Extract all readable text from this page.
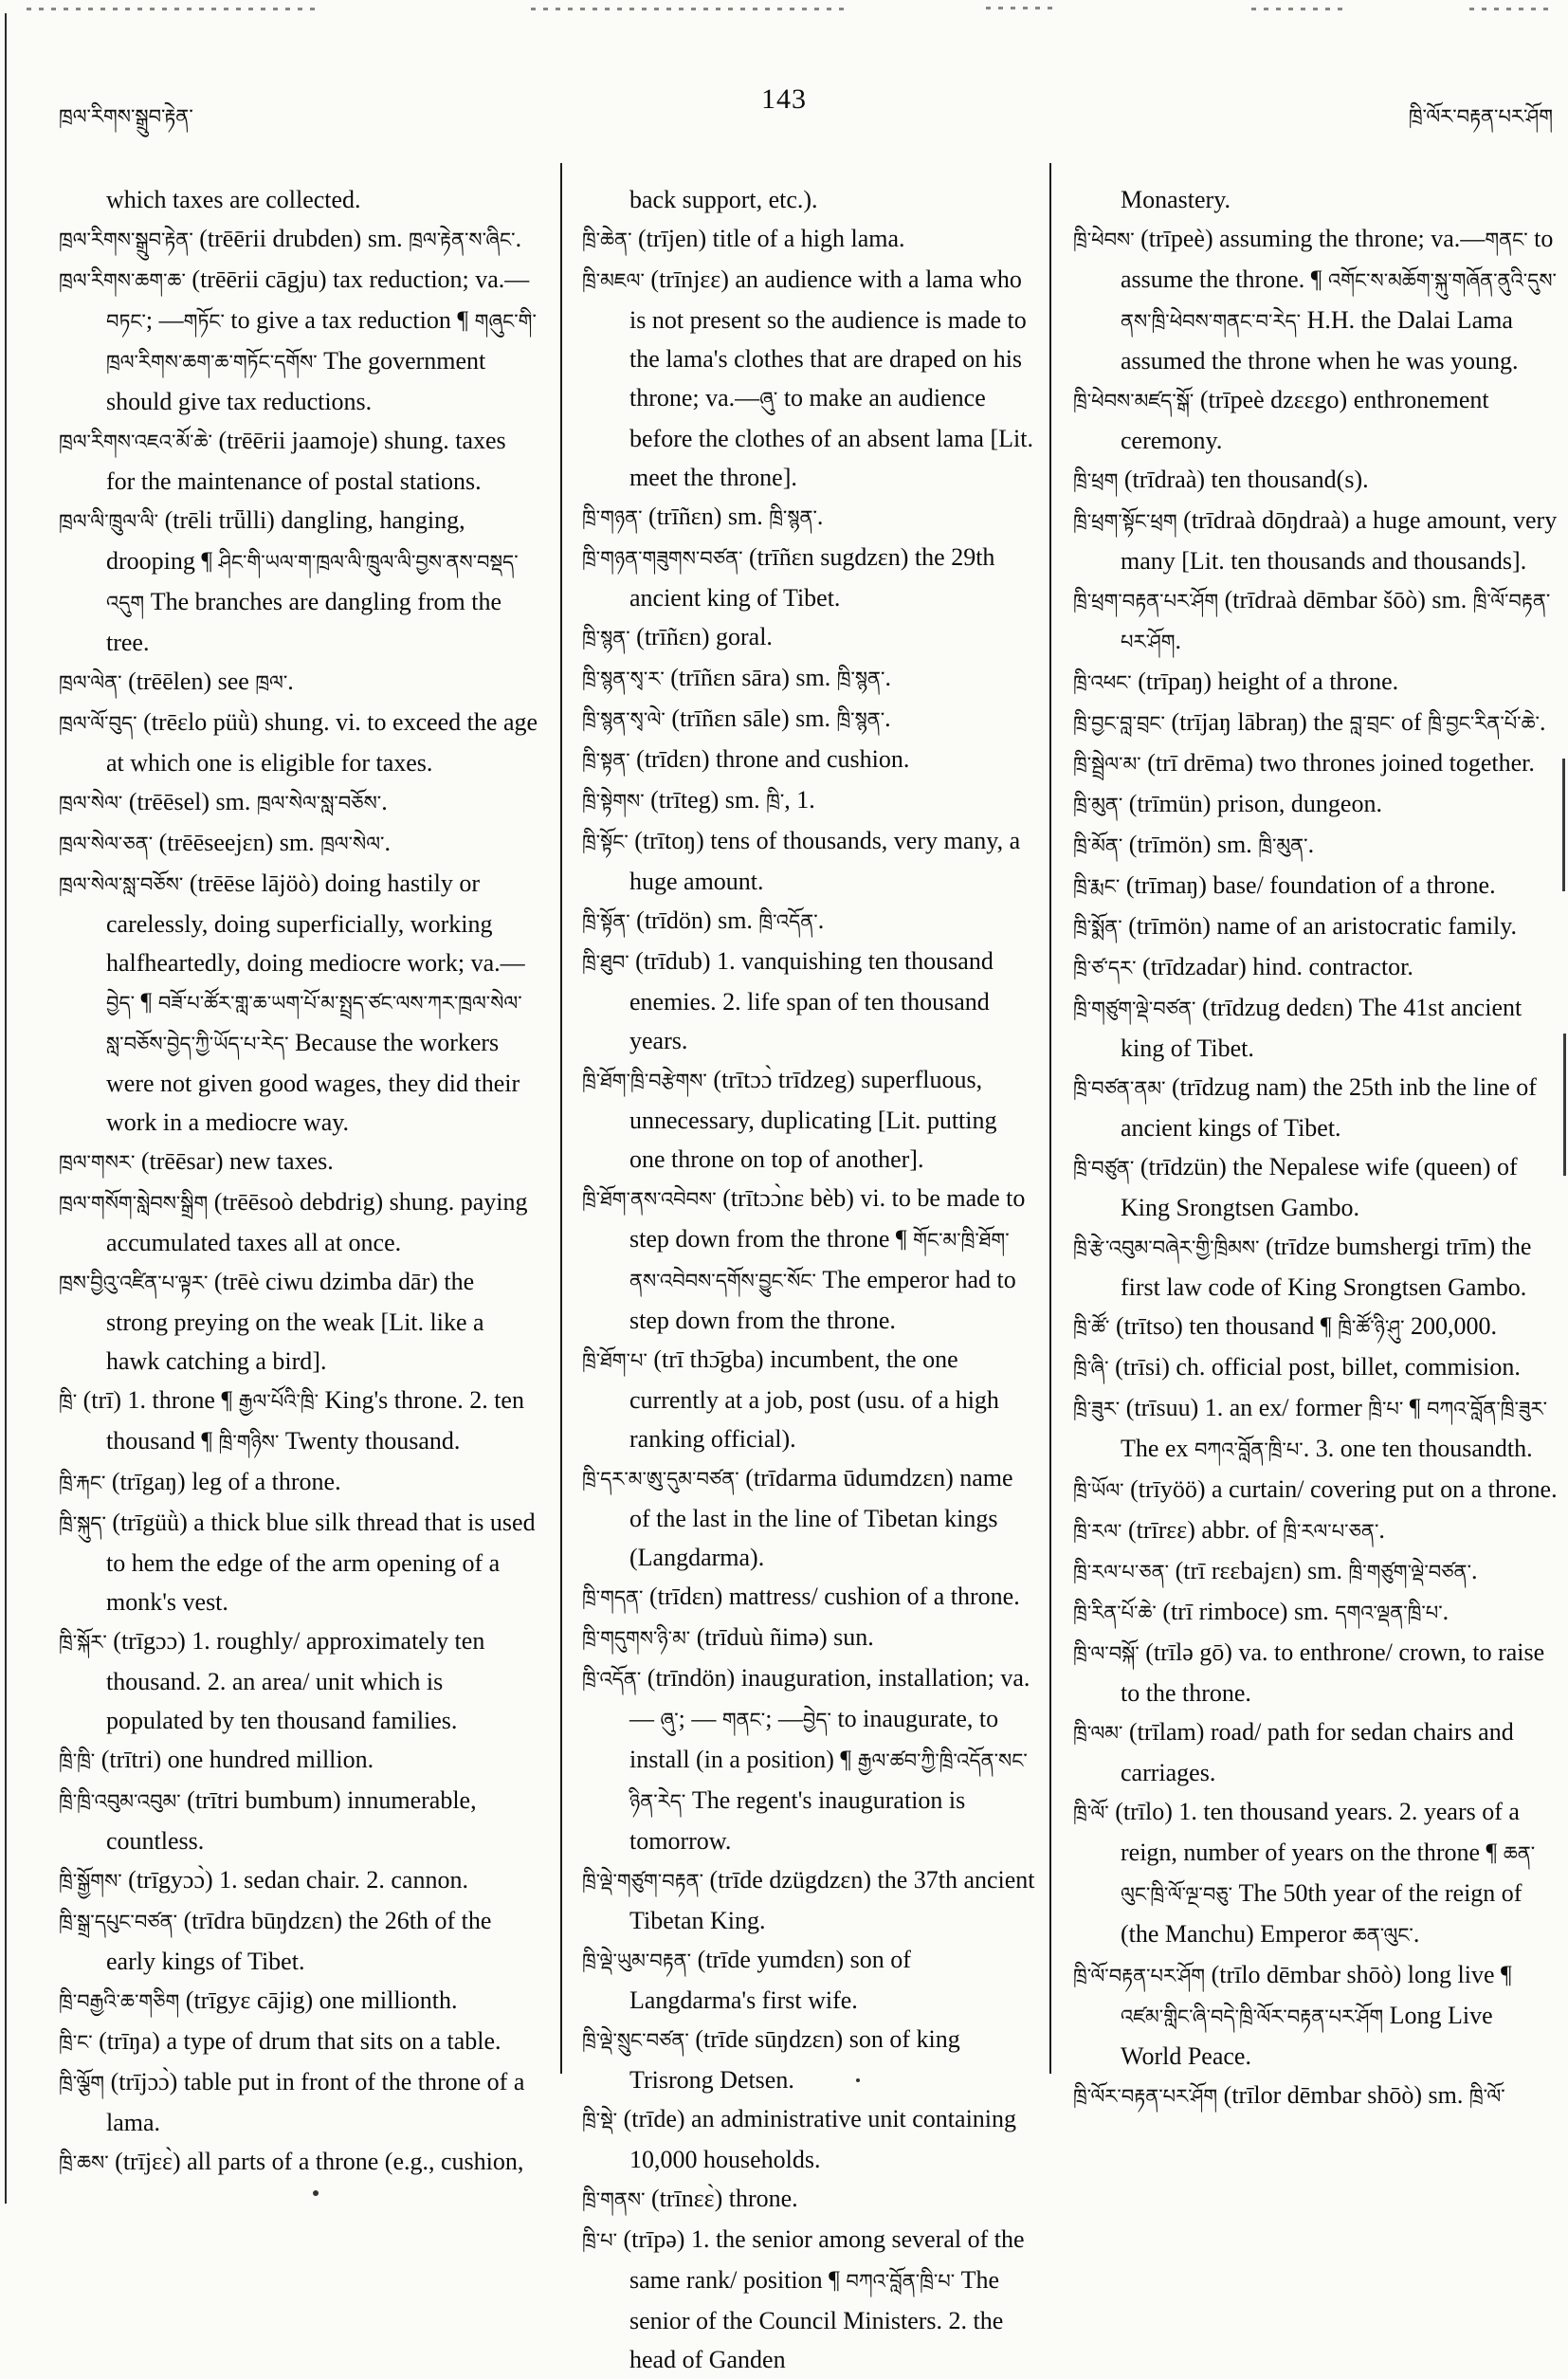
ཁྲལ་རིགས་སྒྲུབ་རྟེན་
143
ཁྲི་ལོར་བརྟན་པར་ཤོག
which taxes are collected.
ཁྲལ་རིགས་སྒྲུབ་རྟེན་ (trēērii drubden) sm. ཁྲལ་རྟེན་ས་ཞིང་.
ཁྲལ་རིགས་ཆག་ཆ་ (trēērii cāgju) tax reduction; va.—བཏང་; —གཏོང་ to give a tax reduction ¶ གཞུང་གི་ཁྲལ་རིགས་ཆག་ཆ་གཏོང་དགོས་ The government should give tax reductions.
ཁྲལ་རིགས་འཇའ་མོ་ཆེ་ (trēērii jaamoje) shung. taxes for the maintenance of postal stations.
ཁྲལ་ལི་ཁྲུལ་ལི་ (trēli trǖlli) dangling, hanging, drooping ¶ ཤིང་གི་ཡལ་ག་ཁྲལ་ལི་ཁྲུལ་ལི་བྱས་ནས་བསྡད་འདུག The branches are dangling from the tree.
ཁྲལ་ལེན་ (trēēlen) see ཁྲལ་.
ཁྲལ་ལོ་བུད་ (trēɛlo püǜ) shung. vi. to exceed the age at which one is eligible for taxes.
ཁྲལ་སེལ་ (trēēsel) sm. ཁྲལ་སེལ་སླ་བཅོས་.
ཁྲལ་སེལ་ཅན་ (trēēseejɛn) sm. ཁྲལ་སེལ་.
ཁྲལ་སེལ་སླ་བཅོས་ (trēēse lājöò) doing hastily or carelessly, doing superficially, working halfheartedly, doing mediocre work; va.—བྱེད་ ¶ བཟོ་པ་ཚོར་གླ་ཆ་ཡག་པོ་མ་སྤྲད་ཙང་ལས་ཀར་ཁྲལ་སེལ་སླ་བཅོས་བྱེད་ཀྱི་ཡོད་པ་རེད་ Because the workers were not given good wages, they did their work in a mediocre way.
ཁྲལ་གསར་ (trēēsar) new taxes.
ཁྲལ་གསོག་སླེབས་སྒྲིག (trēēsoò debdrig) shung. paying accumulated taxes all at once.
ཁྲས་བྱིའུ་འཛིན་པ་ལྟར་ (trēè ciwu dzimba dār) the strong preying on the weak [Lit. like a hawk catching a bird].
ཁྲི་ (trī) 1. throne ¶ རྒྱལ་པོའི་ཁྲི་ King's throne. 2. ten thousand ¶ ཁྲི་གཉིས་ Twenty thousand.
ཁྲི་རྐང་ (trīgaŋ) leg of a throne.
ཁྲི་སྐུད་ (trīgüǜ) a thick blue silk thread that is used to hem the edge of the arm opening of a monk's vest.
ཁྲི་སྐོར་ (trīgɔɔ) 1. roughly/ approximately ten thousand. 2. an area/ unit which is populated by ten thousand families.
ཁྲི་ཁྲི་ (trītri) one hundred million.
ཁྲི་ཁྲི་འབུམ་འབུམ་ (trītri bumbum) innumerable, countless.
ཁྲི་སྒྱོགས་ (trīgyɔɔ̀) 1. sedan chair. 2. cannon.
ཁྲི་སྒྲ་དཔུང་བཙན་ (trīdra būŋdzɛn) the 26th of the early kings of Tibet.
ཁྲི་བརྒྱའི་ཆ་གཅིག (trīgyɛ cājig) one millionth.
ཁྲི་ང་ (trīŋa) a type of drum that sits on a table.
ཁྲི་ལྕོག (trījɔɔ̀) table put in front of the throne of a lama.
ཁྲི་ཆས་ (trījɛɛ̀) all parts of a throne (e.g., cushion,
back support, etc.).
ཁྲི་ཆེན་ (trījen) title of a high lama.
ཁྲི་མཇལ་ (trīnjɛɛ) an audience with a lama who is not present so the audience is made to the lama's clothes that are draped on his throne; va.—ཞུ་ to make an audience before the clothes of an absent lama [Lit. meet the throne].
ཁྲི་གཉན་ (trīñɛn) sm. ཁྲི་སྙན་.
ཁྲི་གཉན་གཟུགས་བཙན་ (trīñɛn sugdzɛn) the 29th ancient king of Tibet.
ཁྲི་སྙན་ (trīñɛn) goral.
ཁྲི་སྙན་སྭ་ར་ (trīñɛn sāra) sm. ཁྲི་སྙན་.
ཁྲི་སྙན་སྭ་ལེ་ (trīñɛn sāle) sm. ཁྲི་སྙན་.
ཁྲི་སྟན་ (trīdɛn) throne and cushion.
ཁྲི་སྟེགས་ (trīteg) sm. ཁྲི་, 1.
ཁྲི་སྟོང་ (trītoŋ) tens of thousands, very many, a huge amount.
ཁྲི་སྟོན་ (trīdön) sm. ཁྲི་འདོན་.
ཁྲི་ཐུབ་ (trīdub) 1. vanquishing ten thousand enemies. 2. life span of ten thousand years.
ཁྲི་ཐོག་ཁྲི་བརྩེགས་ (trītɔɔ̀ trīdzeg) superfluous, unnecessary, duplicating [Lit. putting one throne on top of another].
ཁྲི་ཐོག་ནས་འབེབས་ (trītɔɔ̀nɛ bèb) vi. to be made to step down from the throne ¶ གོང་མ་ཁྲི་ཐོག་ནས་འབེབས་དགོས་བྱུང་སོང་ The emperor had to step down from the throne.
ཁྲི་ཐོག་པ་ (trī thɔ̄gba) incumbent, the one currently at a job, post (usu. of a high ranking official).
ཁྲི་དར་མ་ཨུ་དུམ་བཙན་ (trīdarma ūdumdzɛn) name of the last in the line of Tibetan kings (Langdarma).
ཁྲི་གདན་ (trīdɛn) mattress/ cushion of a throne.
ཁྲི་གདུགས་ཉི་མ་ (trīduù ñimə) sun.
ཁྲི་འདོན་ (trīndön) inauguration, installation; va.— ཞུ་; — གནང་; —བྱེད་ to inaugurate, to install (in a position) ¶ རྒྱལ་ཚབ་ཀྱི་ཁྲི་འདོན་སང་ཉིན་རེད་ The regent's inauguration is tomorrow.
ཁྲི་ལྡེ་གཙུག་བརྟན་ (trīde dzügdzɛn) the 37th ancient Tibetan King.
ཁྲི་ལྡེ་ཡུམ་བརྟན་ (trīde yumdɛn) son of Langdarma's first wife.
ཁྲི་ལྡེ་སྲུང་བཙན་ (trīde sūŋdzɛn) son of king Trisrong Detsen.
ཁྲི་སྡེ་ (trīde) an administrative unit containing 10,000 households.
ཁྲི་གནས་ (trīnɛɛ̀) throne.
ཁྲི་པ་ (trīpə) 1. the senior among several of the same rank/ position ¶ བཀའ་བློན་ཁྲི་པ་ The senior of the Council Ministers. 2. the head of Ganden
Monastery.
ཁྲི་ཕེབས་ (trīpeè) assuming the throne; va.—གནང་ to assume the throne. ¶ འགོང་ས་མཆོག་སྐུ་གཞོན་ནུའི་དུས་ནས་ཁྲི་ཕེབས་གནང་བ་རེད་ H.H. the Dalai Lama assumed the throne when he was young.
ཁྲི་ཕེབས་མཛད་སྒོ་ (trīpeè dzɛɛgo) enthronement ceremony.
ཁྲི་ཕྲག (trīdraà) ten thousand(s).
ཁྲི་ཕྲག་སྟོང་ཕྲག (trīdraà dōŋdraà) a huge amount, very many [Lit. ten thousands and thousands].
ཁྲི་ཕྲག་བརྟན་པར་ཤོག (trīdraà dēmbar šōò) sm. ཁྲི་ལོ་བརྟན་པར་ཤོག.
ཁྲི་འཕང་ (trīpaŋ) height of a throne.
ཁྲི་བྱང་བླ་བྲང་ (trījaŋ lābraŋ) the བླ་བྲང་ of ཁྲི་བྱང་རིན་པོ་ཆེ་.
ཁྲི་སྦྲེལ་མ་ (trī drēma) two thrones joined together.
ཁྲི་མུན་ (trīmün) prison, dungeon.
ཁྲི་མོན་ (trīmön) sm. ཁྲི་མུན་.
ཁྲི་རྨང་ (trīmaŋ) base/ foundation of a throne.
ཁྲི་སྨོན་ (trīmön) name of an aristocratic family.
ཁྲི་ཙ་དར་ (trīdzadar) hind. contractor.
ཁྲི་གཙུག་ལྡེ་བཙན་ (trīdzug dedɛn) The 41st ancient king of Tibet.
ཁྲི་བཙན་ནམ་ (trīdzug nam) the 25th inb the line of ancient kings of Tibet.
ཁྲི་བཙུན་ (trīdzün) the Nepalese wife (queen) of King Srongtsen Gambo.
ཁྲི་རྩེ་འབུམ་བཞེར་གྱི་ཁྲིམས་ (trīdze bumshergi trīm) the first law code of King Srongtsen Gambo.
ཁྲི་ཚོ་ (trītso) ten thousand ¶ ཁྲི་ཚོ་ཉི་ཤུ་ 200,000.
ཁྲི་ཞི་ (trīsi) ch. official post, billet, commision.
ཁྲི་ཟུར་ (trīsuu) 1. an ex/ former ཁྲི་པ་ ¶ བཀའ་བློན་ཁྲི་ཟུར་ The ex བཀའ་བློན་ཁྲི་པ་. 3. one ten thousandth.
ཁྲི་ཡོལ་ (trīyöö) a curtain/ covering put on a throne.
ཁྲི་རལ་ (trīrɛɛ) abbr. of ཁྲི་རལ་པ་ཅན་.
ཁྲི་རལ་པ་ཅན་ (trī rɛɛbajɛn) sm. ཁྲི་གཙུག་ལྡེ་བཙན་.
ཁྲི་རིན་པོ་ཆེ་ (trī rimboce) sm. དགའ་ལྡན་ཁྲི་པ་.
ཁྲི་ལ་བསྐོ་ (trīlə gō) va. to enthrone/ crown, to raise to the throne.
ཁྲི་ལམ་ (trīlam) road/ path for sedan chairs and carriages.
ཁྲི་ལོ་ (trīlo) 1. ten thousand years. 2. years of a reign, number of years on the throne ¶ ཆན་ལུང་ཁྲི་ལོ་ལྔ་བཅུ་ The 50th year of the reign of (the Manchu) Emperor ཆན་ལུང་.
ཁྲི་ལོ་བརྟན་པར་ཤོག (trīlo dēmbar shōò) long live ¶ འཛམ་གླིང་ཞི་བདེ་ཁྲི་ལོར་བརྟན་པར་ཤོག Long Live World Peace.
ཁྲི་ལོར་བརྟན་པར་ཤོག (trīlor dēmbar shōò) sm. ཁྲི་ལོ་
